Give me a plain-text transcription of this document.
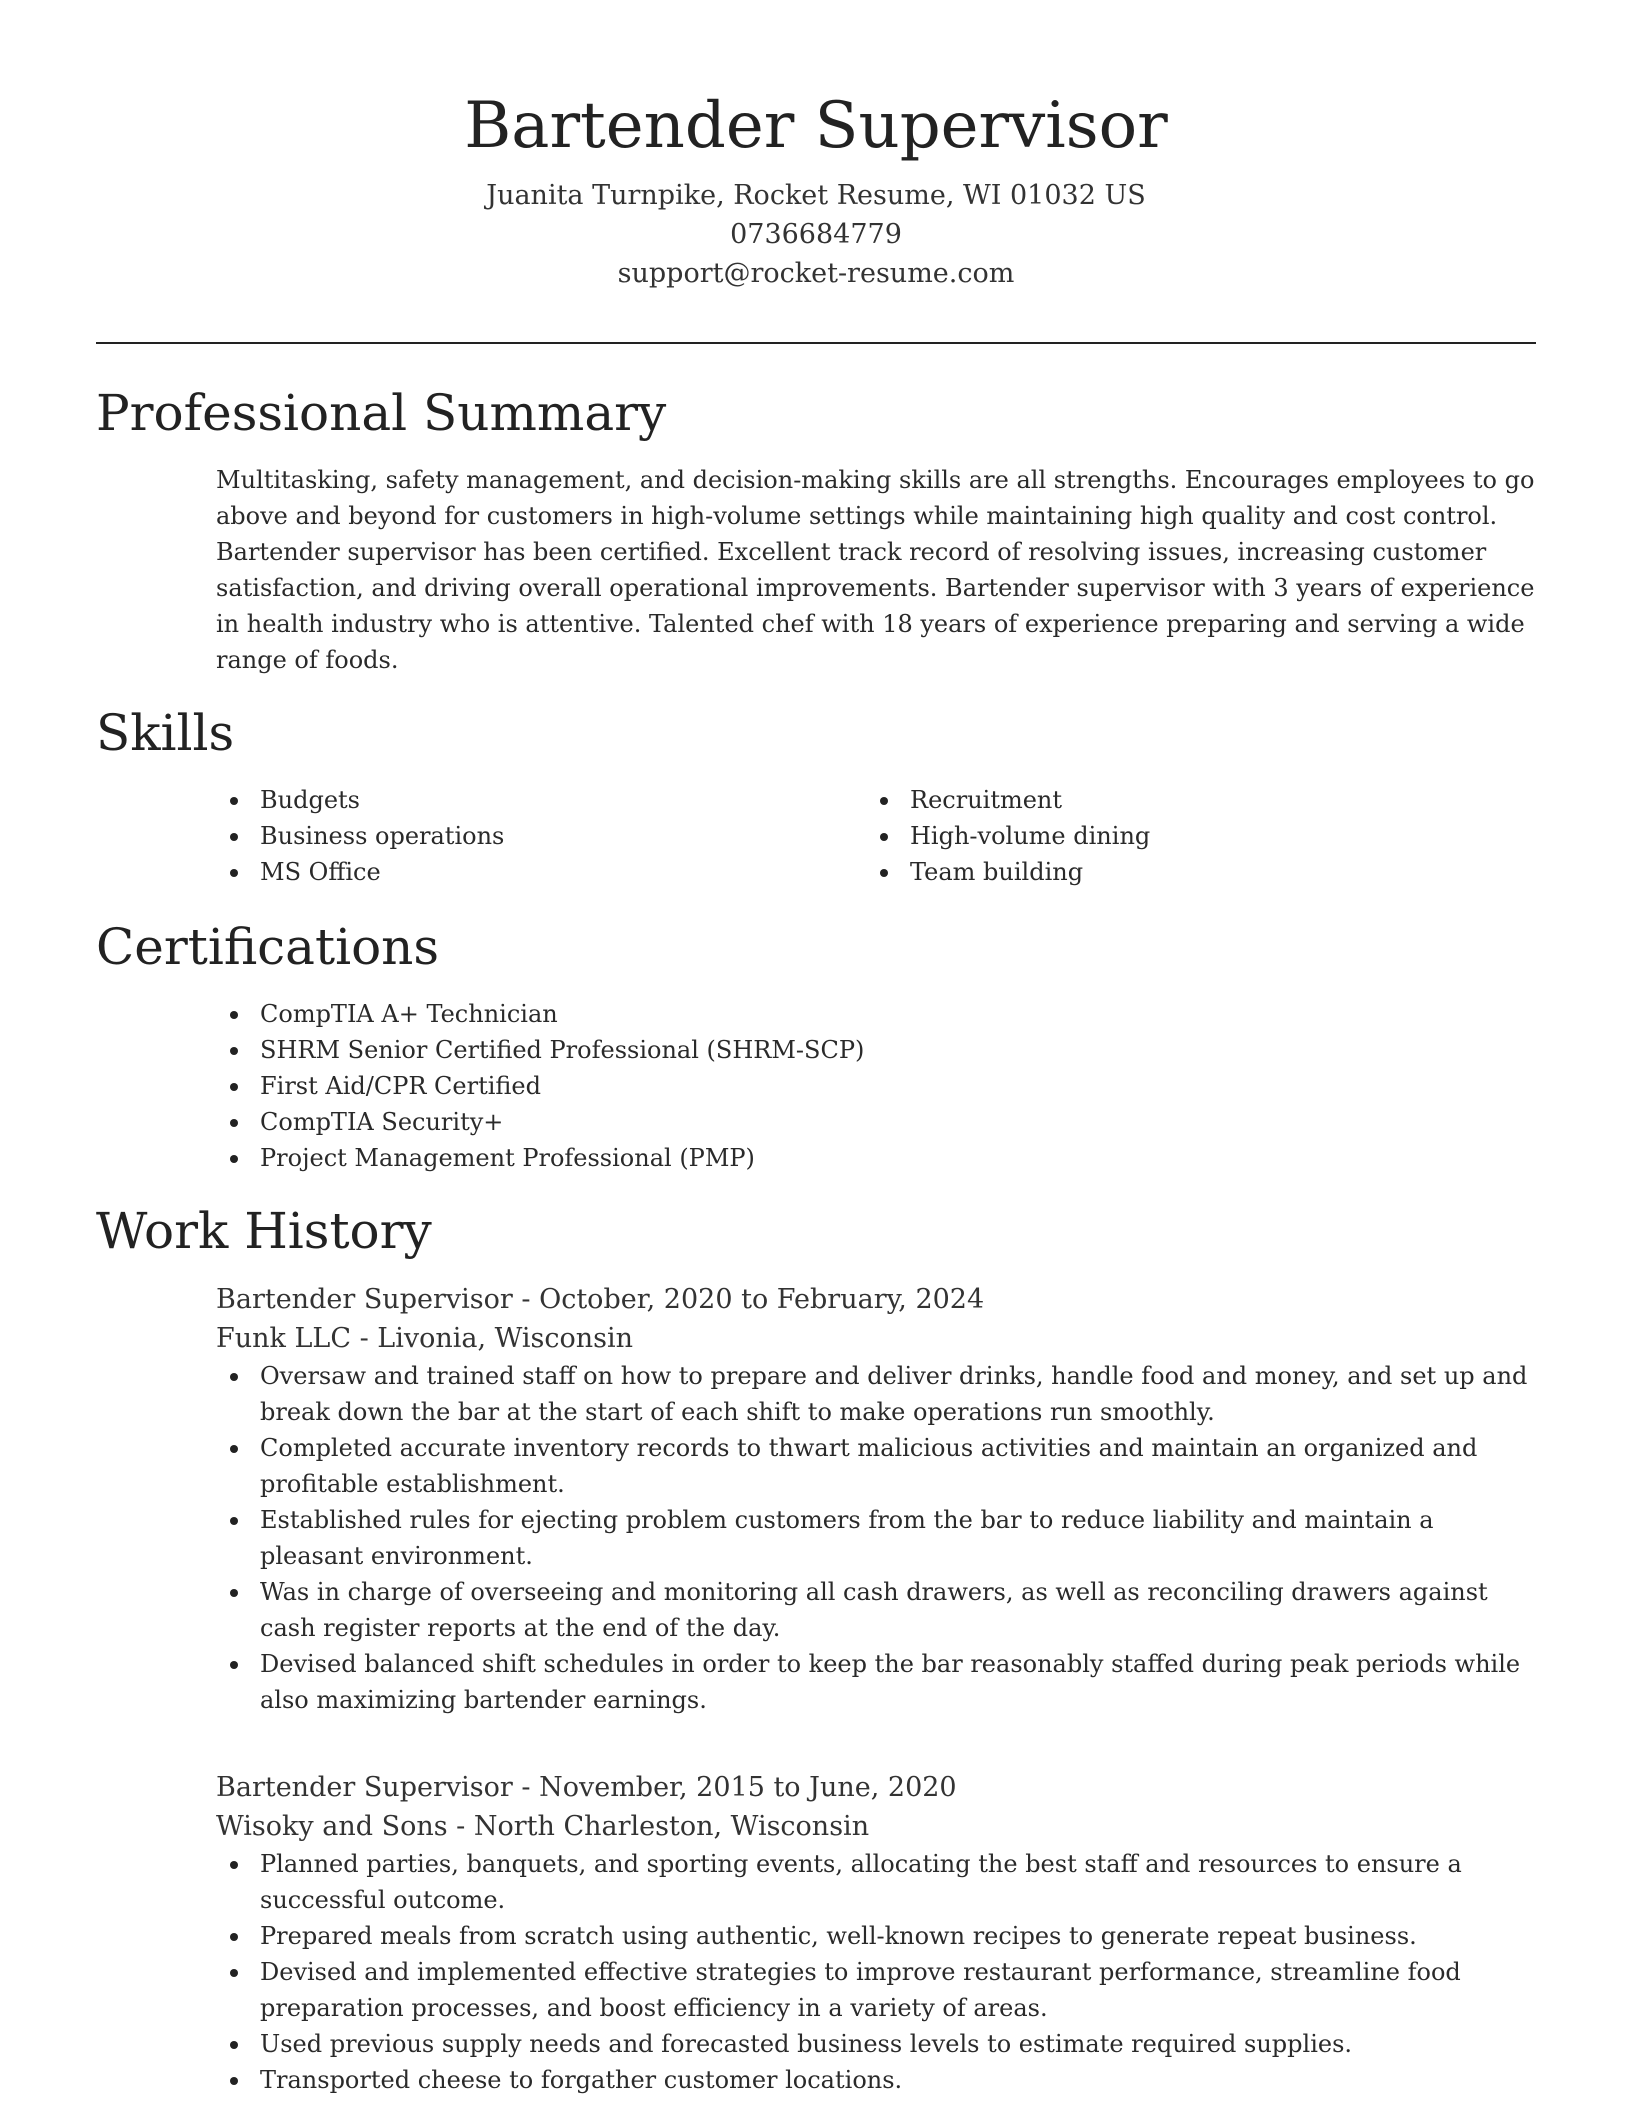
Bartender Supervisor
Juanita Turnpike, Rocket Resume, WI 01032 US
0736684779
support@rocket-resume.com
Professional Summary

Multitasking, safety management, and decision-making skills are all strengths. Encourages employees to go above and beyond for customers in high-volume settings while maintaining high quality and cost control. Bartender supervisor has been certified. Excellent track record of resolving issues, increasing customer satisfaction, and driving overall operational improvements. Bartender supervisor with 3 years of experience in health industry who is attentive. Talented chef with 18 years of experience preparing and serving a wide range of foods.

Skills
Budgets
Business operations
MS Office
Recruitment
High-volume dining
Team building
Certifications
CompTIA A+ Technician
SHRM Senior Certified Professional (SHRM-SCP)
First Aid/CPR Certified
CompTIA Security+
Project Management Professional (PMP)
Work History
Bartender Supervisor - October, 2020 to February, 2024
Funk LLC - Livonia, Wisconsin
Oversaw and trained staff on how to prepare and deliver drinks, handle food and money, and set up and break down the bar at the start of each shift to make operations run smoothly.
Completed accurate inventory records to thwart malicious activities and maintain an organized and profitable establishment.
Established rules for ejecting problem customers from the bar to reduce liability and maintain a pleasant environment.
Was in charge of overseeing and monitoring all cash drawers, as well as reconciling drawers against cash register reports at the end of the day.
Devised balanced shift schedules in order to keep the bar reasonably staffed during peak periods while also maximizing bartender earnings.
Bartender Supervisor - November, 2015 to June, 2020
Wisoky and Sons - North Charleston, Wisconsin
Planned parties, banquets, and sporting events, allocating the best staff and resources to ensure a successful outcome.
Prepared meals from scratch using authentic, well-known recipes to generate repeat business.
Devised and implemented effective strategies to improve restaurant performance, streamline food preparation processes, and boost efficiency in a variety of areas.
Used previous supply needs and forecasted business levels to estimate required supplies.
Transported cheese to forgather customer locations.
